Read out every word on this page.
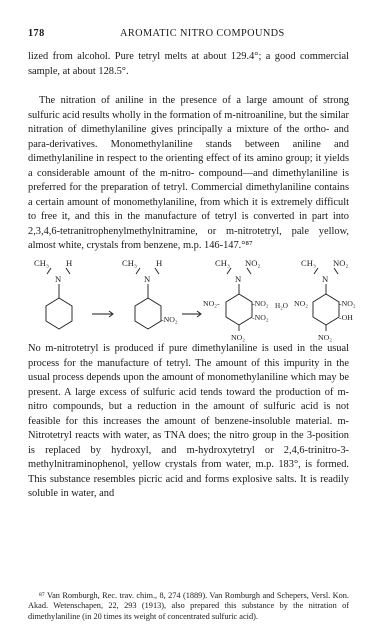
178	AROMATIC NITRO COMPOUNDS

lized from alcohol. Pure tetryl melts at about 129.4°; a good commercial sample, at about 128.5°.

The nitration of aniline in the presence of a large amount of strong sulfuric acid results wholly in the formation of m-nitroaniline, but the similar nitration of dimethylaniline gives principally a mixture of the ortho- and para-derivatives. Monomethylaniline stands between aniline and dimethylaniline in respect to the orienting effect of its amino group; it yields a considerable amount of the m-nitro- compound—and dimethylaniline is preferred for the preparation of tetryl. Commercial dimethylaniline contains a certain amount of monomethylaniline, from which it is extremely difficult to free it, and this in the manufacture of tetryl is converted in part into 2,3,4,6-tetranitrophenylmethylnitramine, or m-nitrotetryl, pale yellow, almost white, crystals from benzene, m.p. 146-147.°⁸⁷

CH₃ H
N
CH₃ H
N
-NO₂
CH₃ NO₂
N
NO₂-	-NO₂
-NO₂
NO₂
H₂O
CH₃ NO₂
N
NO₂	-NO₂
-OH
NO₂

No m-nitrotetryl is produced if pure dimethylaniline is used in the usual process for the manufacture of tetryl. The amount of this impurity in the usual process depends upon the amount of monomethylaniline which may be present. A large excess of sulfuric acid tends toward the production of m-nitro compounds, but a reduction in the amount of sulfuric acid is not feasible for this increases the amount of benzene-insoluble material. m-Nitrotetryl reacts with water, as TNA does; the nitro group in the 3-position is replaced by hydroxyl, and m-hydroxytetryl or 2,4,6-trinitro-3-methylnitraminophenol, yellow crystals from water, m.p. 183°, is formed. This substance resembles picric acid and forms explosive salts. It is readily soluble in water, and

⁸⁷ Van Romburgh, Rec. trav. chim., 8, 274 (1889). Van Romburgh and Schepers, Versl. Kon. Akad. Wetenschapen, 22, 293 (1913), also prepared this substance by the nitration of dimethylaniline (in 20 times its weight of concentrated sulfuric acid).
